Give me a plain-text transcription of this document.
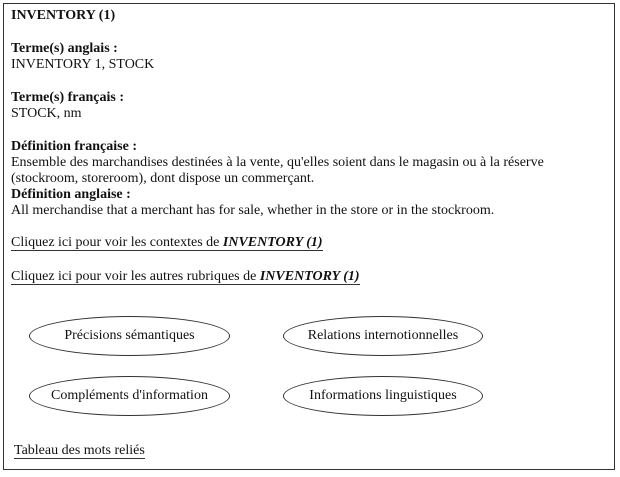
INVENTORY (1)
Terme(s) anglais :
INVENTORY 1, STOCK
Terme(s) français :
STOCK, nm
Définition française :
Ensemble des marchandises destinées à la vente, qu'elles soient dans le magasin ou à la réserve
(stockroom, storeroom), dont dispose un commerçant.
Définition anglaise :
All merchandise that a merchant has for sale, whether in the store or in the stockroom.
Cliquez ici pour voir les contextes de INVENTORY (1)
Cliquez ici pour voir les autres rubriques de INVENTORY (1)
Précisions sémantiques	Relations internotionnelles
Compléments d'information	Informations linguistiques
Tableau des mots reliés
